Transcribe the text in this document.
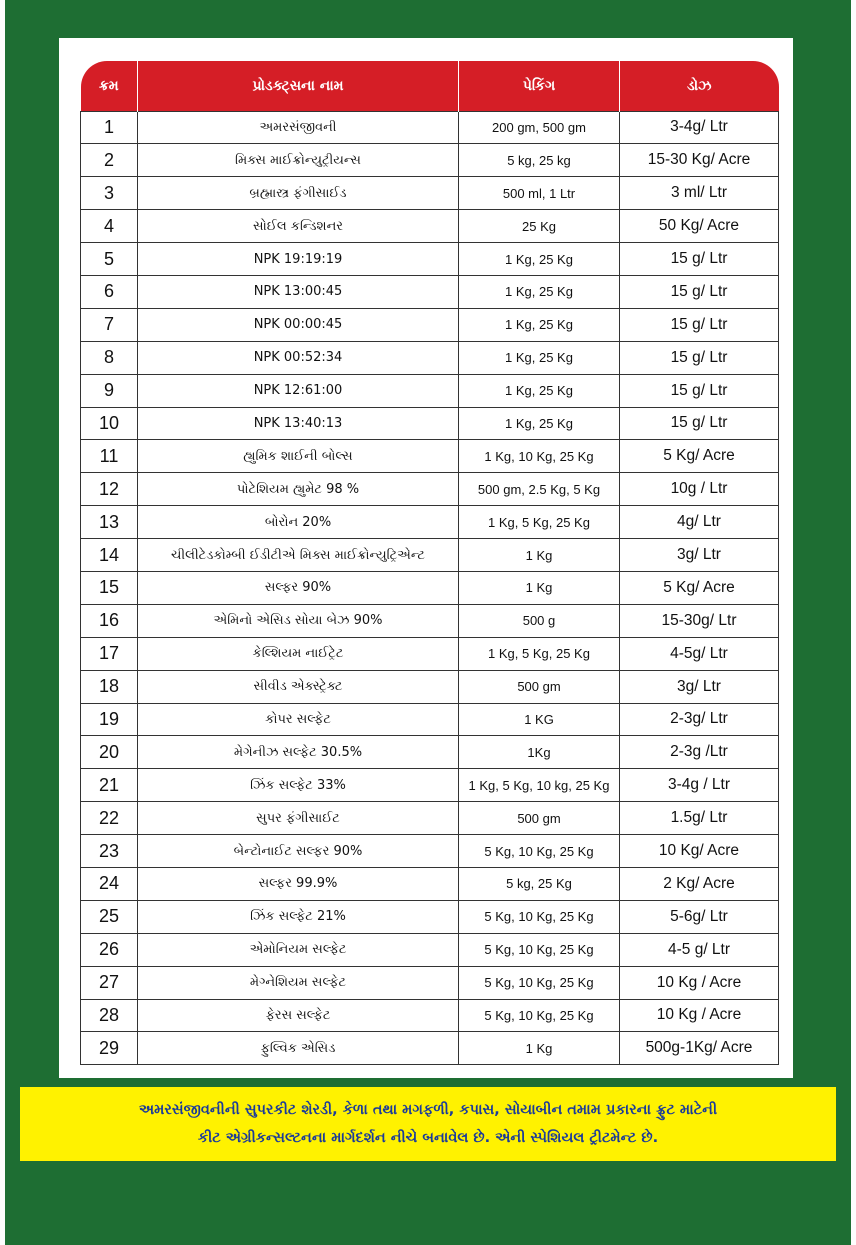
ક્રમ	પ્રોડક્ટ્સના નામ	પેકિંગ	ડોઝ
1	અમરસંજીવની	200 gm, 500 gm	3-4g/ Ltr
2	મિક્સ માઈક્રોન્યુટ્રીયન્સ	5 kg, 25 kg	15-30 Kg/ Acre
3	બ્રહ્માસ્ત્ર ફંગીસાઈડ	500 ml, 1 Ltr	3 ml/ Ltr
4	સોઈલ કન્ડિશનર	25 Kg	50 Kg/ Acre
5	NPK 19:19:19	1 Kg, 25 Kg	15 g/ Ltr
6	NPK 13:00:45	1 Kg, 25 Kg	15 g/ Ltr
7	NPK 00:00:45	1 Kg, 25 Kg	15 g/ Ltr
8	NPK 00:52:34	1 Kg, 25 Kg	15 g/ Ltr
9	NPK 12:61:00	1 Kg, 25 Kg	15 g/ Ltr
10	NPK 13:40:13	1 Kg, 25 Kg	15 g/ Ltr
11	હ્યુમિક શાઈની બોલ્સ	1 Kg, 10 Kg, 25 Kg	5 Kg/ Acre
12	પોટેશિયમ હ્યુમેટ 98 %	500 gm, 2.5 Kg, 5 Kg	10g / Ltr
13	બોરોન 20%	1 Kg, 5 Kg, 25 Kg	4g/ Ltr
14	ચીલીટેડકોમ્બી ઈડીટીએ મિક્સ માઈક્રોન્યુટ્રિએન્ટ	1 Kg	3g/ Ltr
15	સલ્ફર 90%	1 Kg	5 Kg/ Acre
16	એમિનો એસિડ સોયા બેઝ 90%	500 g	15-30g/ Ltr
17	કેલ્શિયમ નાઈટ્રેટ	1 Kg, 5 Kg, 25 Kg	4-5g/ Ltr
18	સીવીડ એક્સ્ટ્રેક્ટ	500 gm	3g/ Ltr
19	કોપર સલ્ફેટ	1 KG	2-3g/ Ltr
20	મેગેનીઝ સલ્ફેટ 30.5%	1Kg	2-3g /Ltr
21	ઝિંક સલ્ફેટ 33%	1 Kg, 5 Kg, 10 kg, 25 Kg	3-4g / Ltr
22	સુપર ફંગીસાઈટ	500 gm	1.5g/ Ltr
23	બેન્ટોનાઈટ સલ્ફર 90%	5 Kg, 10 Kg, 25 Kg	10 Kg/ Acre
24	સલ્ફર 99.9%	5 kg, 25 Kg	2 Kg/ Acre
25	ઝિંક સલ્ફેટ 21%	5 Kg, 10 Kg, 25 Kg	5-6g/ Ltr
26	એમોનિયમ સલ્ફેટ	5 Kg, 10 Kg, 25 Kg	4-5 g/ Ltr
27	મેગ્નેશિયમ સલ્ફેટ	5 Kg, 10 Kg, 25 Kg	10 Kg / Acre
28	ફેરસ સલ્ફેટ	5 Kg, 10 Kg, 25 Kg	10 Kg / Acre
29	ફુલ્વિક એસિડ	1 Kg	500g-1Kg/ Acre
અમરસંજીવનીની સુપરકીટ શેરડી, કેળા તથા મગફળી, કપાસ, સોયાબીન તમામ પ્રકારના ફ્રુટ માટેની
કીટ એગ્રીકન્સલ્ટનના માર્ગદર્શન નીચે બનાવેલ છે. એની સ્પેશિયલ ટ્રીટમેન્ટ છે.
